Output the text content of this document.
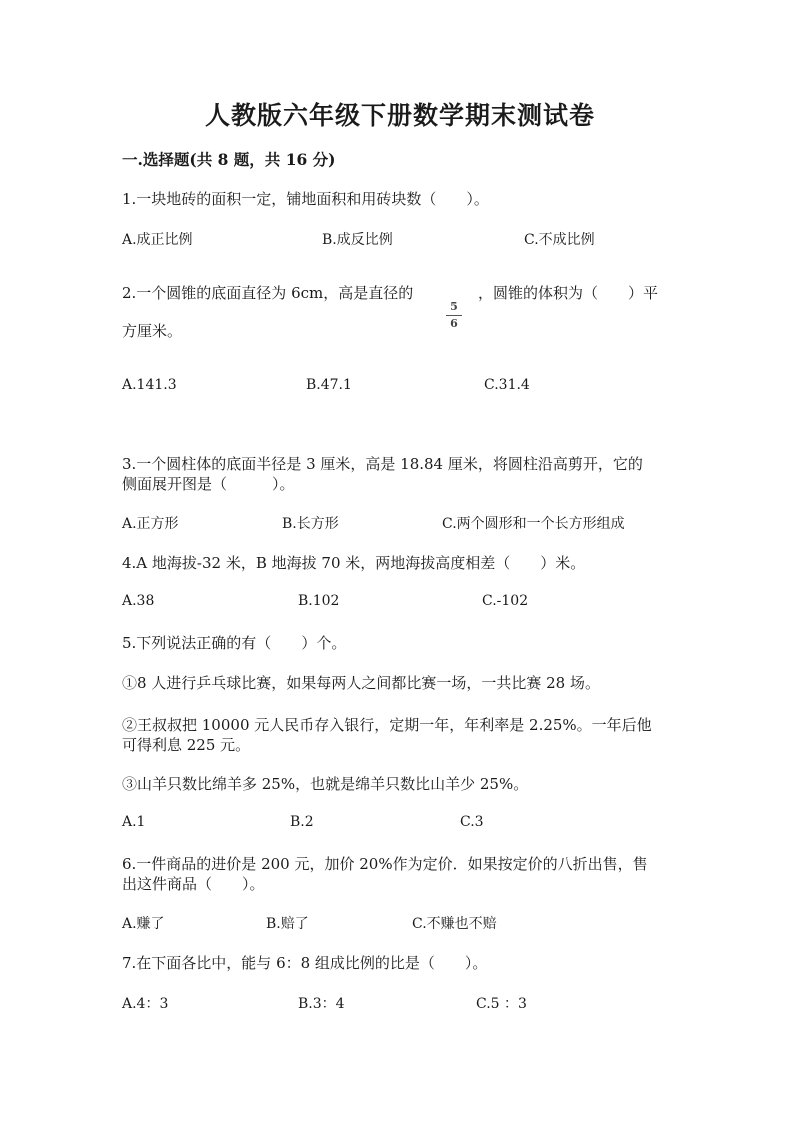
人教版六年级下册数学期末测试卷
一.选择题(共 8 题，共 16 分)
1.一块地砖的面积一定，铺地面积和用砖块数（　　）。
A.成正比例	B.成反比例	C.不成比例
2.一个圆锥的底面直径为 6cm，高是直径的
5
6
，圆锥的体积为（　　）平
方厘米。
A.141.3	B.47.1	C.31.4
3.一个圆柱体的底面半径是 3 厘米，高是 18.84 厘米，将圆柱沿高剪开，它的
侧面展开图是（　　　）。
A.正方形	B.长方形	C.两个圆形和一个长方形组成
4.A 地海拔-32 米，B 地海拔 70 米，两地海拔高度相差（　　）米。
A.38	B.102	C.-102
5.下列说法正确的有（　　）个。
①8 人进行乒乓球比赛，如果每两人之间都比赛一场，一共比赛 28 场。
②王叔叔把 10000 元人民币存入银行，定期一年，年利率是 2.25%。一年后他
可得利息 225 元。
③山羊只数比绵羊多 25%，也就是绵羊只数比山羊少 25%。
A.1	B.2	C.3
6.一件商品的进价是 200 元，加价 20%作为定价．如果按定价的八折出售，售
出这件商品（　　）。
A.赚了	B.赔了	C.不赚也不赔
7.在下面各比中，能与 6：8 组成比例的比是（　　）。
A.4：3	B.3：4	C.5 ：3
